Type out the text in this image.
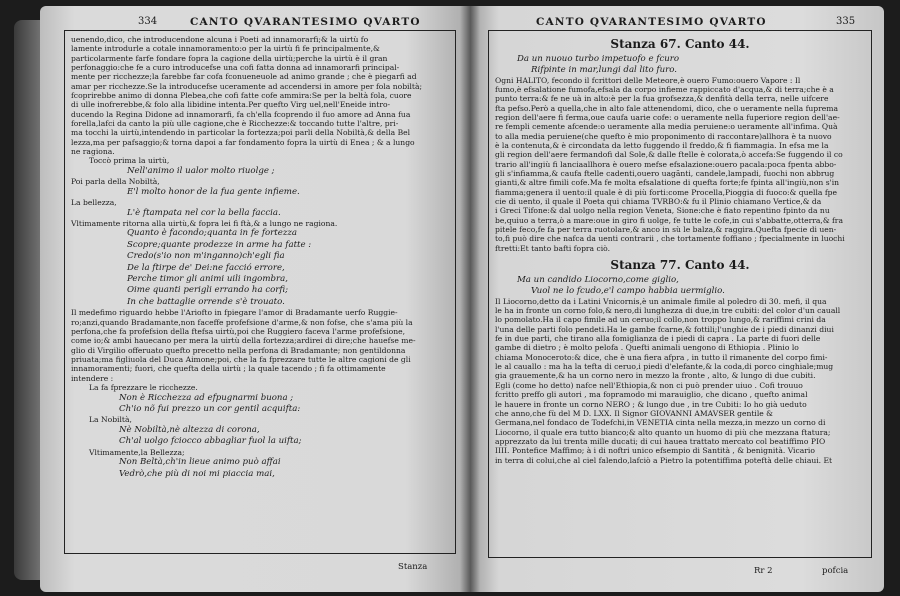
334	CANTO QVARANTESIMO QVARTO

uenendo,dico, che introducendone alcuna i Poeti ad innamorarfi;& la uirtù fo

lamente introdurle a cotale innamoramento:o per la uirtù fi fe principalmente,&

particolarmente farfe fondare fopra la cagione della uirtù;perche la uirtù è il gran

perfonaggio:che fe a curo introducefse una cofi fatta donna ad innamorarfi principal-

mente per ricchezze;la farebbe far cofa fconueneuole ad animo grande ; che è piegarfi ad

amar per ricchezze.Se la introducefse uceramente ad accendersi in amore per fola nobiltà;

fcoprirebbe animo di donna Plebea,che cofi fatte cofe ammira:Se per la beltà fola, cuore

di ulle inofrerebbe,& folo alla libidine intenta.Per quefto Virg uel,nell'Eneide intro-

ducendo la Regina Didone ad innamorarfi, fa ch'ella fcoprendo il fuo amore ad Anna fua

forella,lafci da canto la più ulle cagione,che è Ricchezze:& toccando tutte l'altre, pri-

ma tocchi la uirtù,intendendo in particolar la fortezza;poi parli della Nobiltà,& della Bel

lezza,ma per pafsaggio;& torna dapoi a far fondamento fopra la uirtù di Enea ; & a lungo

ne ragiona.

Toccò prima la uirtù,

Nell'animo il ualor molto riuolge ;

Poi parla della Nobiltà,

E'l molto honor de la fua gente infieme.

La bellezza,

L'è ftampata nel cor la bella faccia.

Vltimamente ritorna alla uirtù,& fopra lei fi ftà,& a lungo ne ragiona.

Quanto è facondo;quanta in fe fortezza

Scopre;quante prodezze in arme ha fatte :

Credo(s'io non m'inganno)ch'egli fia

De la ftirpe de' Dei:ne facció errore,

Perche timor gli animi uili ingombra,

Oime quanti perigli errando ha corfi;

In che battaglie orrende s'è trouato.

Il medefimo riguardo hebbe l'Ariofto in fpiegare l'amor di Bradamante uerfo Ruggie-

ro;anzi,quando Bradamante,non faceffe profefsione d'arme,& non fofse, che s'ama più la

perfona,che fa profefsion della ftefsa uirtù,poi che Ruggiero faceva l'arme profefsione,

come io;& ambi hauecano per mera la uirtù della fortezza;ardirei di dire;che hauefse me-

glio di Virgilio offeruato quefto precetto nella perfona di Bradamante; non gentildonna

priuata;ma figliuola del Duca Aimone;poi, che la fa fprezzare tutte le altre cagioni de gli

innamoramenti; fuori, che quefta della uirtù ; la quale tacendo ; fi fa ottimamente

intendere :

La fa fprezzare le ricchezze.

Non è Ricchezza ad efpugnarmi buona ;

Ch'io nõ fui prezzo un cor gentil acquifta:

La Nobiltà,

Nè Nobiltà,nè altezza di corona,

Ch'al uolgo fciocco abbagliar fuol la uifta;

Vltimamente,la Bellezza;

Non Beltà,ch'in lieue animo può affai

Vedrò,che più di noi mi piaccia mai,

Stanza
CANTO QVARANTESIMO QVARTO	335

Stanza 67. Canto 44.

Da un nuouo turbo impetuofo e fcuro

Rifpinte in mar,lungi dal lito furo.

Ogni HALITO, fecondo il fcrittori delle Meteore,è ouero Fumo:ouero Vapore : Il

fumo,è efsalatione fumofa,efsala da corpo infieme rappiccato d'acqua,& di terra;che è a

punto terra:& fe ne uà in alto:è per la fua grofsezza,& denfità della terra, nelle uifcere

fta pefso.Però a quella,che in alto fale attenendomi, dico, che o ueramente nella fuprema

region dell'aere fi ferma,oue caufa uarie cofe: o ueramente nella fuperiore region dell'ae-

re fempli cemente afcende:o ueramente alla media peruiene:o ueramente all'infima. Quà

to alla media peruiene(che quefto è mio proponimento di raccontare)allhora è ta nuovo

è la contenuta,& è circondata da letto fuggendo il freddo,& fi fiammagia. In efsa me la

gli region dell'aere fermandofi dal Sole,& dalle ftelle è colorata,ò accefa:Se fuggendo il co

trario all'ingiù fi lanciaallhora è ouero mefse efsalazione:ouero pacala:poca fpenta abbo-

gli s'infiamma,& caufa ftelle cadenti,ouero uagãnti, candele,lampadi, fuochi non abbrug

gianti,& altre fimili cofe.Ma fe molta efsalatione di quefta forte;fe fpinta all'ingiù,non s'in

fiamma;genera il uento:il quale è di più forti:come Procella,Pioggia di fuoco:& quella fpe

cie di uento, il quale il Poeta qui chiama TVRBO:& fu il Plinio chiamano Vertice,& da

i Greci Tifone:& dal uolgo nella region Veneta, Sione:che è fiato repentino fpinto da nu

be,quiuo a terra,ò a mare:oue in giro fi uolge, fe tutte le cofe,in cui s'abbatte,otterra,& fra

pitele feco,fe fa per terra ruotolare,& anco in sù le balza,& raggira.Quefta fpecie di uen-

to,fi può dire che nafca da uenti contrarii , che tortamente foffiano ; fpecialmente in luochi

ftretti:Et tanto bafti fopra ciò.

Stanza 77. Canto 44.

Ma un candido Liocorno,come giglio,

Vuol ne lo fcudo,e'l campo habbia uermiglio.

Il Liocorno,detto da i Latini Vnicornis,è un animale fimile al poledro di 30. mefi, il qua

le ha in fronte un corno folo,& nero,di lunghezza di due,in tre cubiti: del color d'un cauall

lo pomolato.Ha il capo fimile ad un ceruo;il collo,non troppo lungo,& rariffimi crini da

l'una delle parti folo pendeti.Ha le gambe fcarne,& fottili;l'unghie de i piedi dinanzi diui

fe in due parti, che tirano alla fomiglianza de i piedi di capra . La parte di fuori delle

gambe di dietro ; è molto pelofa . Quefti animali uengono di Ethiopia . Plinio lo

chiama Monoceroto:& dice, che è una fiera afpra , in tutto il rimanente del corpo fimi-

le al cauallo : ma ha la tefta di ceruo,i piedi d'elefante,& la coda,di porco cinghiale;mug

gia grauemente,& ha un corno nero in mezzo la fronte , alto, & lungo di due cubiti.

Egli (come ho detto) nafce nell'Ethiopia,& non ci può prender uiuo . Cofi trouuo

fcritto preffo gli autori , ma fopramodo mi marauiglio, che dicano , quefto animal

le hauere in fronte un corno NERO ; & lungo due , in tre Cubiti: Io ho già ueduto

che anno,che fù del M D. LXX. Il Signor GIOVANNI AMAVSER gentile &

Germana,nel fondaco de Todefchi,in VENETIA cinta nella mezza,in mezzo un corno di

Liocorno, il quale era tutto bianco;& alto quanto un huomo di più che mezzana ftatura;

apprezzato da lui trenta mille ducati; di cui hauea trattato mercato col beatiffimo PIO

IIII. Pontefice Maffimo; à i di noftri unico efsempio di Santità , & benignità. Vicario

in terra di colui,che al ciel falendo,lafciò a Pietro la potentiffima poteftà delle chiaui. Et

Rr 2	pofcia
